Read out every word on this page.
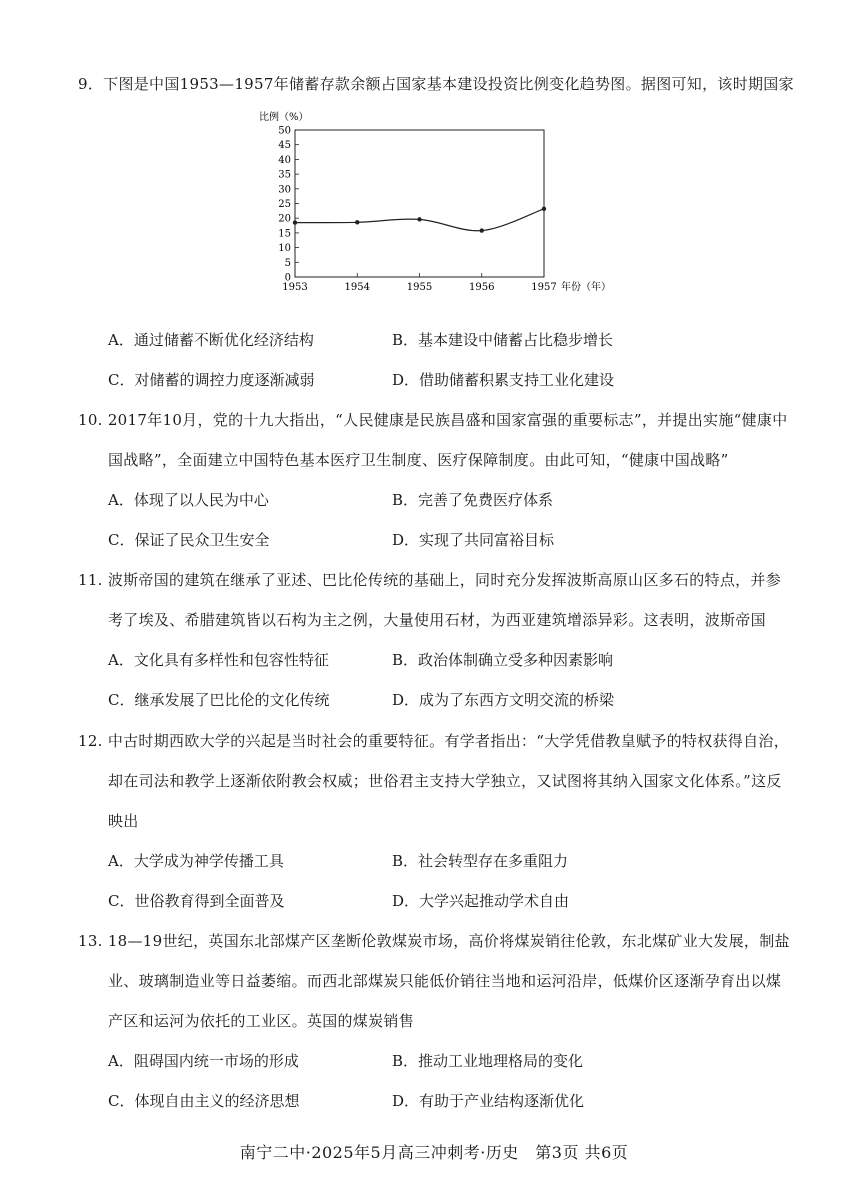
9．下图是中国1953—1957年储蓄存款余额占国家基本建设投资比例变化趋势图。据图可知，该时期国家
比例（%）
0
5
10
15
20
25
30
35
40
45
50
1953	1954	1955	1956	1957 年份（年）
A．通过储蓄不断优化经济结构	B．基本建设中储蓄占比稳步增长
C．对储蓄的调控力度逐渐减弱	D．借助储蓄积累支持工业化建设
10. 2017年10月，党的十九大指出，“人民健康是民族昌盛和国家富强的重要标志”，并提出实施“健康中
国战略”，全面建立中国特色基本医疗卫生制度、医疗保障制度。由此可知，“健康中国战略”
A．体现了以人民为中心	B．完善了免费医疗体系
C．保证了民众卫生安全	D．实现了共同富裕目标
11. 波斯帝国的建筑在继承了亚述、巴比伦传统的基础上，同时充分发挥波斯高原山区多石的特点，并参
考了埃及、希腊建筑皆以石构为主之例，大量使用石材，为西亚建筑增添异彩。这表明，波斯帝国
A．文化具有多样性和包容性特征	B．政治体制确立受多种因素影响
C．继承发展了巴比伦的文化传统	D．成为了东西方文明交流的桥梁
12. 中古时期西欧大学的兴起是当时社会的重要特征。有学者指出：“大学凭借教皇赋予的特权获得自治，
却在司法和教学上逐渐依附教会权威；世俗君主支持大学独立，又试图将其纳入国家文化体系。”这反
映出
A．大学成为神学传播工具	B．社会转型存在多重阻力
C．世俗教育得到全面普及	D．大学兴起推动学术自由
13. 18—19世纪，英国东北部煤产区垄断伦敦煤炭市场，高价将煤炭销往伦敦，东北煤矿业大发展，制盐
业、玻璃制造业等日益萎缩。而西北部煤炭只能低价销往当地和运河沿岸，低煤价区逐渐孕育出以煤
产区和运河为依托的工业区。英国的煤炭销售
A．阻碍国内统一市场的形成	B．推动工业地理格局的变化
C．体现自由主义的经济思想	D．有助于产业结构逐渐优化
南宁二中·2025年5月高三冲刺考·历史　第3页 共6页
